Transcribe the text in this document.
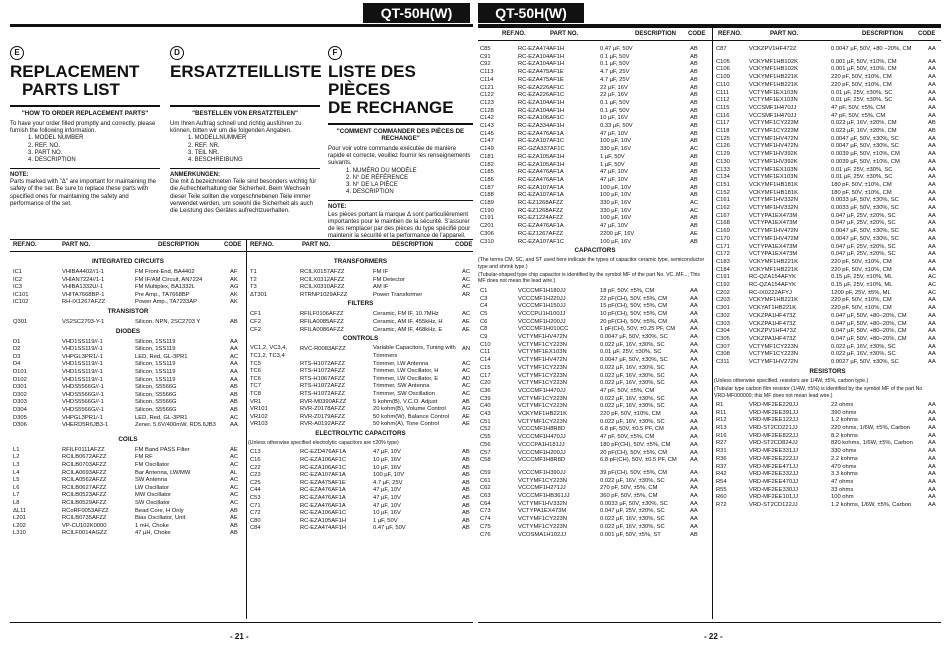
QT-50H(W)	QT-50H(W)
E
REPLACEMENT
PARTS LIST
"HOW TO ORDER REPLACEMENT PARTS"
To have your order filled promptly and correctly, please furnish the following information.
1. MODEL NUMBER
2. REF. NO.
3. PART NO.
4. DESCRIPTION
NOTE:
Parts marked with "Δ" are important for maintaining the safety of the set. Be sure to replace these parts with specified ones for maintaining the safety and performance of the set.
D
ERSATZTEILLISTE

"BESTELLEN VON ERSATZTEILEN"
Um Ihren Auftrag schnell und richtig ausführen zu können, bitten wir um die folgenden Angaben.
1. MODELLNUMMER
2. REF. NR.
3. TEIL NR.
4. BESCHREIBUNG
ANMERKUNGEN:
Die mit Δ bezeichneten Teile sind besonders wichtig für die Aufrechterhaltung der Sicherheit. Beim Wechseln dieser Teile sollten die vorgeschriebenen Teile immer verwendet werden, um sowohl die Sicherheit als auch die Leistung des Gerätes aufrechtzuerhalten.
F
LISTE DES PIÈCES
DE RECHANGE
"COMMENT COMMANDER DES PIÈCES DE RECHANGE"
Pour voir votre commande exécutée de manière rapide et correcte, veuillez fournir les renseignements suivants.
1. NUMÉRO DU MODÈLE
2. N° DE RÉFÉRENCE
3. N° DE LA PIÈCE
4. DESCRIPTION
NOTE:
Les pièces portant la marque Δ sont particulièrement importantes pour le maintien de la sécurité. S'assurer de les remplacer par des pièces du type spécifié pour maintenir la sécurité et la performance de l'appareil.
REF.NO.	PART NO.	DESCRIPTION	CODE REF.NO.	PART NO.	DESCRIPTION	CODE
REF.NO.	PART NO.	DESCRIPTION CODE REF.NO.	PART NO.	DESCRIPTION CODE
INTEGRATED CIRCUITS
IC1	VHIBA4402//1-1	FM Front-End, BA4402	AF
IC2	VHIAN7224//1-1	FM IF/AM Circuit, AN7224	AK
IC3	VHIBA1332U/-1	FM Multiplex, BA1332L	AG
IC101	VHITA7668BP-1	Pre Amp., TA7668BP	AK
IC102	RH-IX1267AFZZ	Power Amp., TA7233AP	AK
TRANSISTOR
Q301	VS2SC2703-Y-1	Silicon, NPN, 2SC2703 Y	AB
DIODES
D1	VHD1SS119//-1	Silicon, 1SS119	AA
D2	VHD1SS119//-1	Silicon, 1SS119	AA
D3	VHPGL3PR1/-1	LED, Red, GL-3PR1	AC
D4	VHD1SS119//-1	Silicon, 1SS119	AA
D101	VHD1SS119//-1	Silicon, 1SS119	AA
D102	VHD1SS119//-1	Silicon, 1SS119	AA
D301	VHDS5566G//-1	Silicon, S5566G	AB
D302	VHDS5566G//-1	Silicon, S5566G	AB
D303	VHDS5566G//-1	Silicon, S5566G	AB
D304	VHDS5566G//-1	Silicon, S5566G	AB
D305	VHPGL3PR1/-1	LED, Red, GL-3PR1	AC
D306	VHERD5R6JB3-1	Zener, 5.6V/400mW, RD5.6JB3 AA
COILS
L1	RFILF0111AFZZ	FM Band PASS Filter	AE
L2	RCILB0672AFZZ	FM RF	AC
L3	RCILB0703AFZZ	FM Oscillator	AC
L4	RCILA0693AFZZ	Bar Antenna, LW/MW	AL
L5	RCILA0562AFZZ	SW Antenna	AC
L6	RCILB0627AFZZ	LW Oscillator	AC
L7	RCILB0523AFZZ	MW Oscillator	AC
L8	RCILB0529AFZZ	SW Oscillator	AC
ΔL11	RCoRF0053AFZZ	Bead Core, H Only	AB
L201	RCILB0735AFZZ	Bias Oscillator, Unit	AE
L202	VP-CU102K0000	1 mH, Choke	AB
L310	RCILF0014AGZZ	47 µH, Choke	AB
TRANSFORMERS
T1	RCILX0157AFZZ	FM IF	AC
T2	RCILX0312AFZZ	FM Detector	AC
T3	RCILX0310AFZZ	AM IF	AC
ΔT301	RTRNP1029AFZZ	Power Transformer	AR
FILTERS
CF1	RFILF0106AFZZ	Ceramic, FM IF, 10.7MHz	AC
CF2	RFILA0085AFZZ	Ceramic, AM IF, 455kHz, H	AE
CF2	RFILA0086AFZZ	Ceramic, AM IF, 468kHz, E	AE
CONTROLS
VC1,2, VC3,4, TC1,2, TC3,4
RVC-R0083AFZZ	Variable Capacitors, Tuning with Trimmers
AN
TC5	RTS-H1072AFZZ	Trimmer, LW Antenna	AC
TC6	RTS-H1072AFZZ	Trimmer, LW Oscillator, H	AC
TC6	RTS-H1067AFZZ	Trimmer, LW Oscillator, E	AD
TC7	RTS-H1072AFZZ	Trimmer, SW Antenna	AC
TC8	RTS-H1072AFZZ	Trimmer, SW Oscillation	AC
VR1	RVR-M0390AFZZ	5 kohm(B), V.C.O. Adjust	AB
VR101	RVR-Z0178AFZZ	20 kohm(B), Volume Control	AG
VR102	RVR-Z0179AFZZ	50 kohm(W), Balance Control AE
VR103	RVR-A0192AFZZ	50 kohm(A), Tone Control	AE
ELECTROLYTIC CAPACITORS
(Unless otherwise specified electrolytic capacitors are ±20% type)
C13	RC-EZD476AF1A	47 µF, 10V	AB
C16	RC-EZA106AF1C	10 µF, 16V	AB
C22	RC-EZA106AF1C	10 µF, 16V	AB
C23	RC-EZA107AF1A	100 µF, 10V	AB
C25	RC-EZA475AF1E	4.7 µF, 25V	AB
C44	RC-EZA476AF1A	47 µF, 10V	AB
C53	RC-EZA476AF1A	47 µF, 10V	AB
C71	RC-EZA476AF1A	47 µF, 10V	AB
C72	RC-EZA106AF1C	10 µF, 16V	AB
C80	RC-EZA105AF1H	1 µF, 50V	AB
C84	RC-EZA474AF1H	0.47 µF, 50V	AB
C85	RC-EZA474AF1H	0.47 µF, 50V	AB
C91	RC-EZA104AF1H	0.1 µF, 50V	AB
C92	RC-EZA104AF1H	0.1 µF, 50V	AB
C113	RC-EZA475AF1E	4.7 µF, 25V	AB
C114	RC-EZA475AF1E	4.7 µF, 25V	AB
C121	RC-EZA226AF1C	22 µF, 16V	AB
C122	RC-EZA226AF1C	22 µF, 16V	AB
C123	RC-EZA104AF1H	0.1 µF, 50V	AB
C128	RC-EZA104AF1H	0.1 µF, 50V	AB
C142	RC-EZA106AF1C	10 µF, 16V	AB
C143	RC-EZA334AF1H	0.33 µF, 50V	AB
C145	RC-EZA476AF1A	47 µF, 10V	AB
C147	RC-EZA107AF1C	100 µF, 10V	AB
C149	RC-GZA337AF1C	330 µF, 16V	AC
C181	RC-EZA105AF1H	1 µF, 50V	AB
C182	RC-EZA105AF1H	1 µF, 50V	AB
C185	RC-EZA476AF1A	47 µF, 10V	AB
C186	RC-EZA476AF1A	47 µF, 10V	AB
C187	RC-EZA107AF1A	100 µF, 10V	AB
C188	RC-EZA107AF1A	100 µF, 10V	AB
C189	RC-EZ1268AFZZ	330 µF, 16V	AC
C190	RC-EZ1268AFZZ	330 µF, 16V	AC
C191	RC-EZ1224AFZZ	100 µF, 16V	AB
C201	RC-EZA476AF1A	47 µF, 10V	AB
C306	RC-EZ1267AFZZ	2200 µF, 16V	AE
C310	RC-EZA107AF1C	100 µF, 16V	AB
CAPACITORS
(The terms CM, SC, and ST used here indicate the types of capacitor ceramic type, semiconductor type and shrink type.)
(Tubular-shaped type chip capacitor is identified by the symbol MF of the part No. VC..MF...; This MF does not mean the lead wire.)
C1	VCCCMF1H180JJ	18 pF, 50V, ±5%, CM	AA
C3	VCCCMF1H220JJ	22 pF(CH), 50V, ±5%, CM	AA
C4	VCCCMF1H150JJ	15 pF(CH), 50V, ±5%, CM	AA
C5	VCCCPU1H100JJ	10 pF(CH), 50V, ±5%, CM	AA
C6	VCCCMF1H200JJ	20 pF(CH), 50V, ±5%, CM	AA
C8	VCCCMF1H010CC	1 pF(CH), 50V, ±0.25 PF, CM	AA
C9	VCTYMF1HV472N	0.0047 µF, 50V, ±30%, SC	AA
C10	VCTYMF1CY223N	0.022 µF, 16V, ±30%, SC	AA
C11	VCTYMF1EX103N	0.01 µF, 25V, ±30%, SC	AA
C14	VCTYMF1HV472N	0.0047 µF, 50V, ±30%, SC	AA
C15	VCTYMF1CY223N	0.022 µF, 16V, ±30%, SC	AA
C17	VCTYMF1CY223N	0.022 µF, 16V, ±30%, SC	AA
C20	VCTYMF1CY223N	0.022 µF, 16V, ±30%, SC	AA
C36	VCCCMF1H470JJ	47 pF, 50V, ±5%, CM	AA
C39	VCTYMF1CY223N	0.022 µF, 16V, ±30%, SC	AA
C40	VCTYMF1CY223N	0.022 µF, 16V, ±30%, SC	AA
C43	VCKYMF1HB221K	220 pF, 50V, ±10%, CM	AA
C51	VCTYMF1CY223N	0.022 µF, 16V, ±30%, SC	AA
C52	VCCCMF1H8R8D	6.8 pF, 50V, ±0.5 PF, CM	AA
C55	VCCCMF1H470JJ	47 pF, 50V, ±5%, CM	AA
C56	VCCCPA1H181JJ	180 pF(CH), 50V, ±5%, CM	AA
C57	VCCCMF1H200JJ	20 pF(CH), 50V, ±5%, CM	AA
C58	VCCCMF1H8R8D	6.8 pF(CH), 50V, ±0.5 PF, CM AA
C59	VCCCMF1H390JJ	39 pF(CH), 50V, ±5%, CM	AA
C61	VCTYMF1CY223N	0.022 µF, 16V, ±30%, SC	AA
C62	VCCCMF1H271JJ	270 pF, 50V, ±5%, CM	AA
C63	VCCCMF1HB361JJ	360 pF, 50V, ±5%, CM	AA
C64	VCTYMF1HV332N	0.0033 µF, 50V, ±30%, SC	AA
C73	VCTYPA1EX473M	0.047 µF, 25V, ±20%, SC	AA
C74	VCTYMF1CY223N	0.022 µF, 16V, ±30%, SC	AA
C75	VCTYMF1CY223N	0.022 µF, 16V, ±30%, SC	AA
C76	VCOSMA1H102JJ	0.001 µF, 50V, ±5%, ST	AB
C87	VCKZPV1HF472Z	0.0047 µF, 50V, +80 −20%, CM	AA
C105	VCKYMF1HB102K	0.001 µF, 50V, ±10%, CM	AA
C106	VCKYMF1HB102K	0.001 µF, 50V, ±10%, CM	AA
C109	VCKYMF1HB221K	220 pF, 50V, ±10%, CM	AA
C110	VCKYMF1HB221K	220 pF, 50V, ±10%, CM	AA
C111	VCTYMF1EX103N	0.01 µF, 25V, ±30%, SC	AA
C112	VCTYMF1EX103N	0.01 µF, 25V, ±30%, SC	AA
C115	VCCSMF1H470JJ	47 pF, 50V, ±5%, CM	AA
C116	VCCSMF1H470JJ	47 pF, 50V, ±5%, CM	AA
C117	VCTYMF1CY223M	0.022 µF, 16V, ±20%, CM	AB
C118	VCTYMF1CY223M	0.022 µF, 16V, ±20%, CM	AB
C125	VCTYMF1HV472N	0.0047 µF, 50V, ±30%, SC	AA
C126	VCTYMF1HV472N	0.0047 µF, 50V, ±30%, SC	AA
C129	VCTYMF1HV392K	0.0039 µF, 50V, ±10%, CM	AA
C130	VCTYMF1HV392K	0.0039 µF, 50V, ±10%, CM	AA
C133	VCTYMF1EX103N	0.01 µF, 25V, ±30%, SC	AA
C134	VCTYMF1EX103N	0.01 µF, 25V, ±30%, SC	AA
C151	VCKYMF1HB181K	180 pF, 50V, ±10%, CM	AA
C152	VCKYMF1HB181K	180 pF, 50V, ±10%, CM	AA
C161	VCTYMF1HV332N	0.0033 µF, 50V, ±30%, SC	AA
C162	VCTYMF1HV332N	0.0033 µF, 50V, ±30%, SC	AA
C167	VCTYPA1EX473M	0.047 µF, 25V, ±20%, SC	AA
C168	VCTYPA1EX473M	0.047 µF, 25V, ±20%, SC	AA
C169	VCTYMF1HV472N	0.0047 µF, 50V, ±30%, SC	AA
C170	VCTYMF1HV472M	0.0047 µF, 50V, ±30%, SC	AA
C171	VCTYPA1EX473M	0.047 µF, 25V, ±20%, SC	AA
C172	VCTYPA1EX473M	0.047 µF, 25V, ±20%, SC	AA
C183	VCKYMF1HB221K	220 pF, 50V, ±10%, CM	AA
C184	VCKYMF1HB221K	220 pF, 50V, ±10%, CM	AA
C191	RC-QZA154AFYK	0.15 µF, 25V, ±10%, ML	AC
C192	RC-QZA154AFYK	0.15 µF, 25V, ±10%, ML	AC
C202	RC-IX0222AFYJ	1200 pF, 25V, ±5%, ML	AC
C203	VCKYMF1HB221K	220 pF, 50V, ±10%, CM	AA
C301	VCKYAT1HB221K	220 pF, 50V, ±10%, CM	AA
C302	VCKZPA1HF473Z	0.047 µF, 50V, +80−20%, CM	AA
C303	VCKZPA1HF473Z	0.047 µF, 50V, +80−20%, CM	AA
C304	VCKZPV1HF473Z	0.047 µF, 50V, +80−20%, CM	AA
C305	VCKZPA1HF473Z	0.047 µF, 50V, +80−20%, CM	AA
C307	VCTYMF1CY223N	0.022 µF, 16V, ±30%, SC	AA
C308	VCTYMF1CY223N	0.022 µF, 16V, ±30%, SC	AA
C311	VCTYMF1HV272N	0.0027 µF, 50V, ±30%, SC	AA
RESISTORS
(Unless otherwise specified, resistors are 1/4W, ±5%, carbon type.)
(Tubular type carbon film resistor (1/4W, ±5%) is identified by the symbol MF of the part No. VRD-MF000000; this MF does not mean lead wire.)
R1	VRD-MF2EE220JJ	22 ohms	AA
R11	VRD-MF2EE391JJ	390 ohms	AA
R12	VRD-MF2EE122JJ	1.2 kohms	AA
R13	VRD-ST2CD221JJ	220 ohms, 1/6W, ±5%, Carbon	AA
R16	VRD-MF2EE822JJ	8.2 kohms	AA
R27	VRD-ST2CD824JJ	820 kohms, 1/6W, ±5%, Carbon	AA
R31	VRD-MF2EE331JJ	330 ohms	AA
R36	VRD-MF2EE222JJ	2.2 kohms	AA
R37	VRD-MF2EE471JJ	470 ohms	AA
R42	VRD-MF2EE332JJ	3.3 kohms	AA
R54	VRD-MF2EE470JJ	47 ohms	AA
R55	VRD-MF2EE330JJ	33 ohms	AA
R60	VRD-MF2EE101JJ	100 ohm	AA
R72	VRD-ST2CD122JJ	1.2 kohms, 1/6W, ±5%, Carbon	AA
- 21 -	- 22 -
